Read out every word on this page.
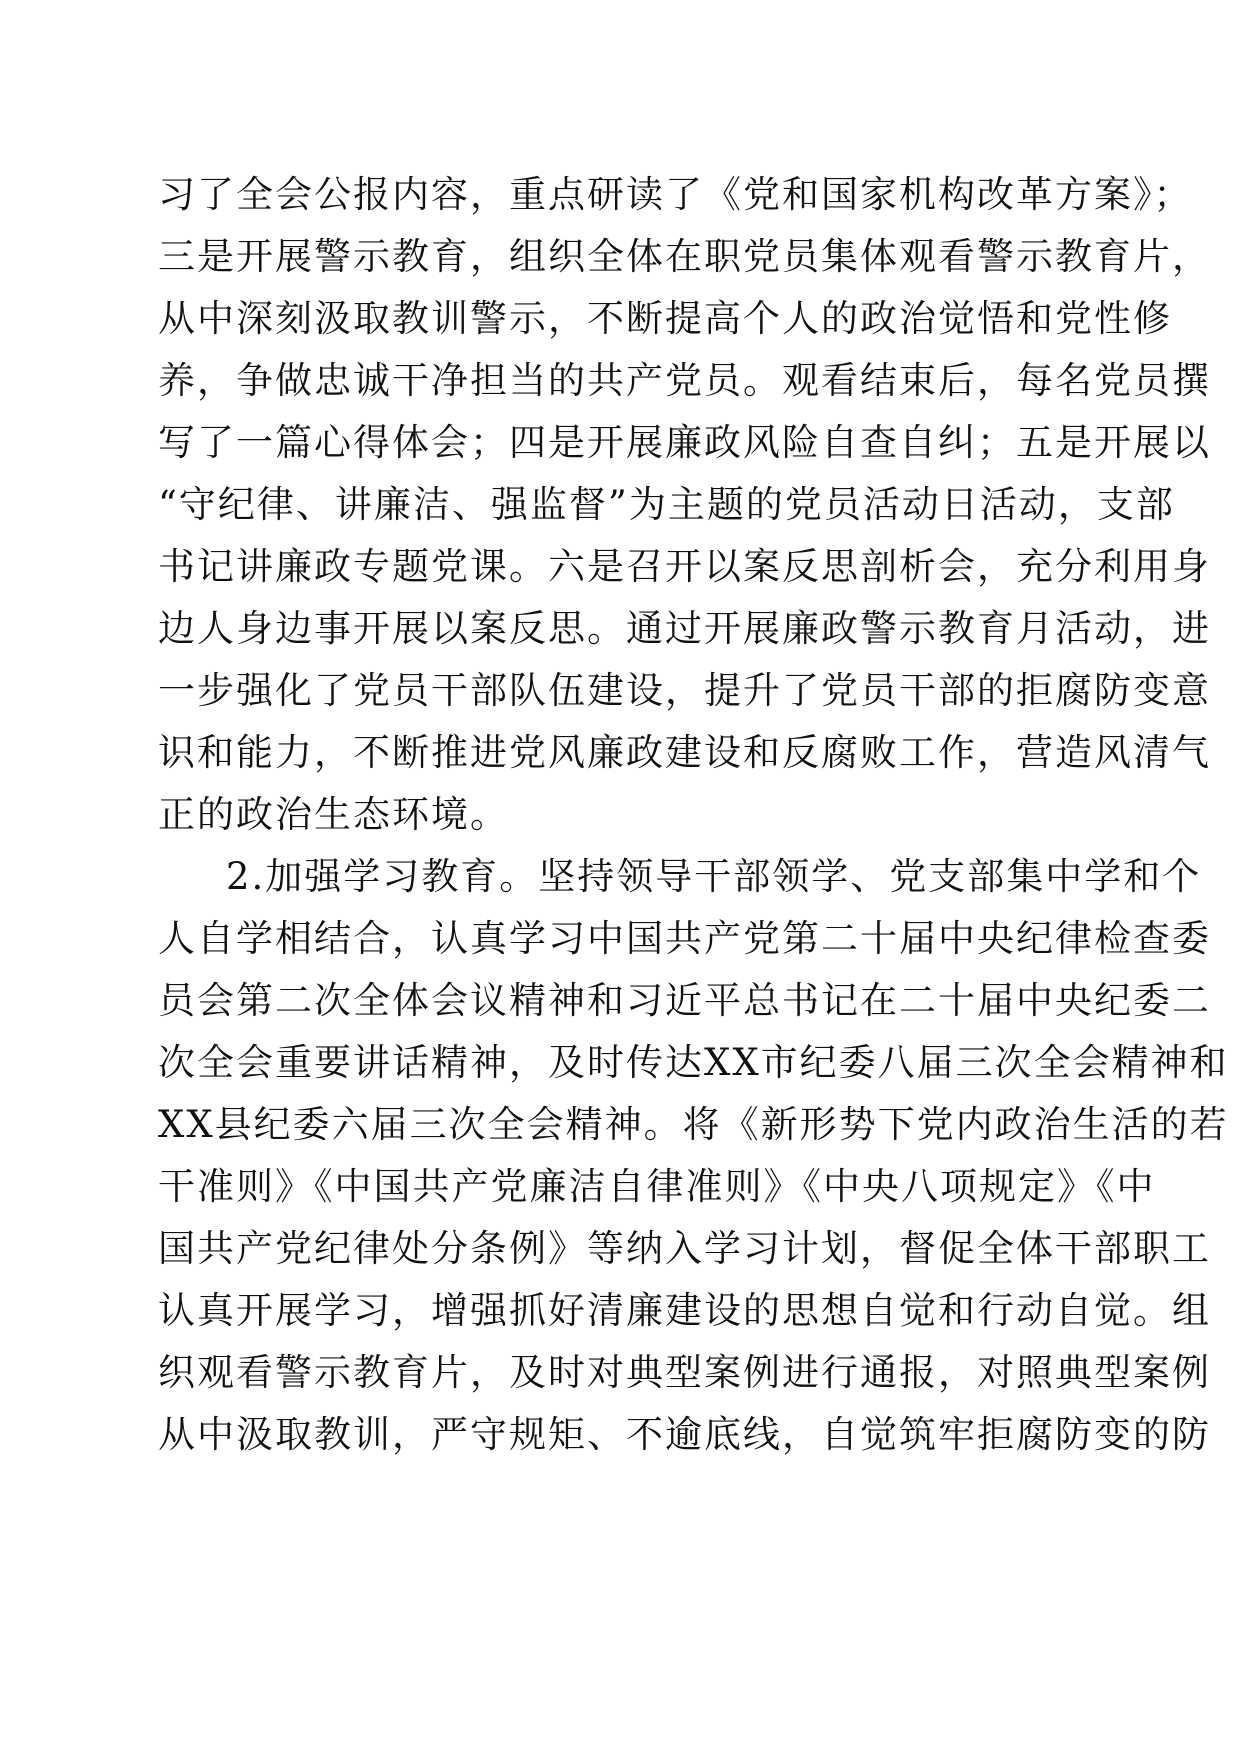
习了全会公报内容，重点研读了《党和国家机构改革方案》；

三是开展警示教育，组织全体在职党员集体观看警示教育片，

从中深刻汲取教训警示，不断提高个人的政治觉悟和党性修

养，争做忠诚干净担当的共产党员。观看结束后，每名党员撰

写了一篇心得体会；四是开展廉政风险自查自纠；五是开展以

“守纪律、讲廉洁、强监督”为主题的党员活动日活动，支部

书记讲廉政专题党课。六是召开以案反思剖析会，充分利用身

边人身边事开展以案反思。通过开展廉政警示教育月活动，进

一步强化了党员干部队伍建设，提升了党员干部的拒腐防变意

识和能力，不断推进党风廉政建设和反腐败工作，营造风清气

正的政治生态环境。

2.加强学习教育。坚持领导干部领学、党支部集中学和个

人自学相结合，认真学习中国共产党第二十届中央纪律检查委

员会第二次全体会议精神和习近平总书记在二十届中央纪委二

次全会重要讲话精神，及时传达XX市纪委八届三次全会精神和

XX县纪委六届三次全会精神。将《新形势下党内政治生活的若

干准则》《中国共产党廉洁自律准则》《中央八项规定》《中

国共产党纪律处分条例》等纳入学习计划，督促全体干部职工

认真开展学习，增强抓好清廉建设的思想自觉和行动自觉。组

织观看警示教育片，及时对典型案例进行通报，对照典型案例

从中汲取教训，严守规矩、不逾底线，自觉筑牢拒腐防变的防
